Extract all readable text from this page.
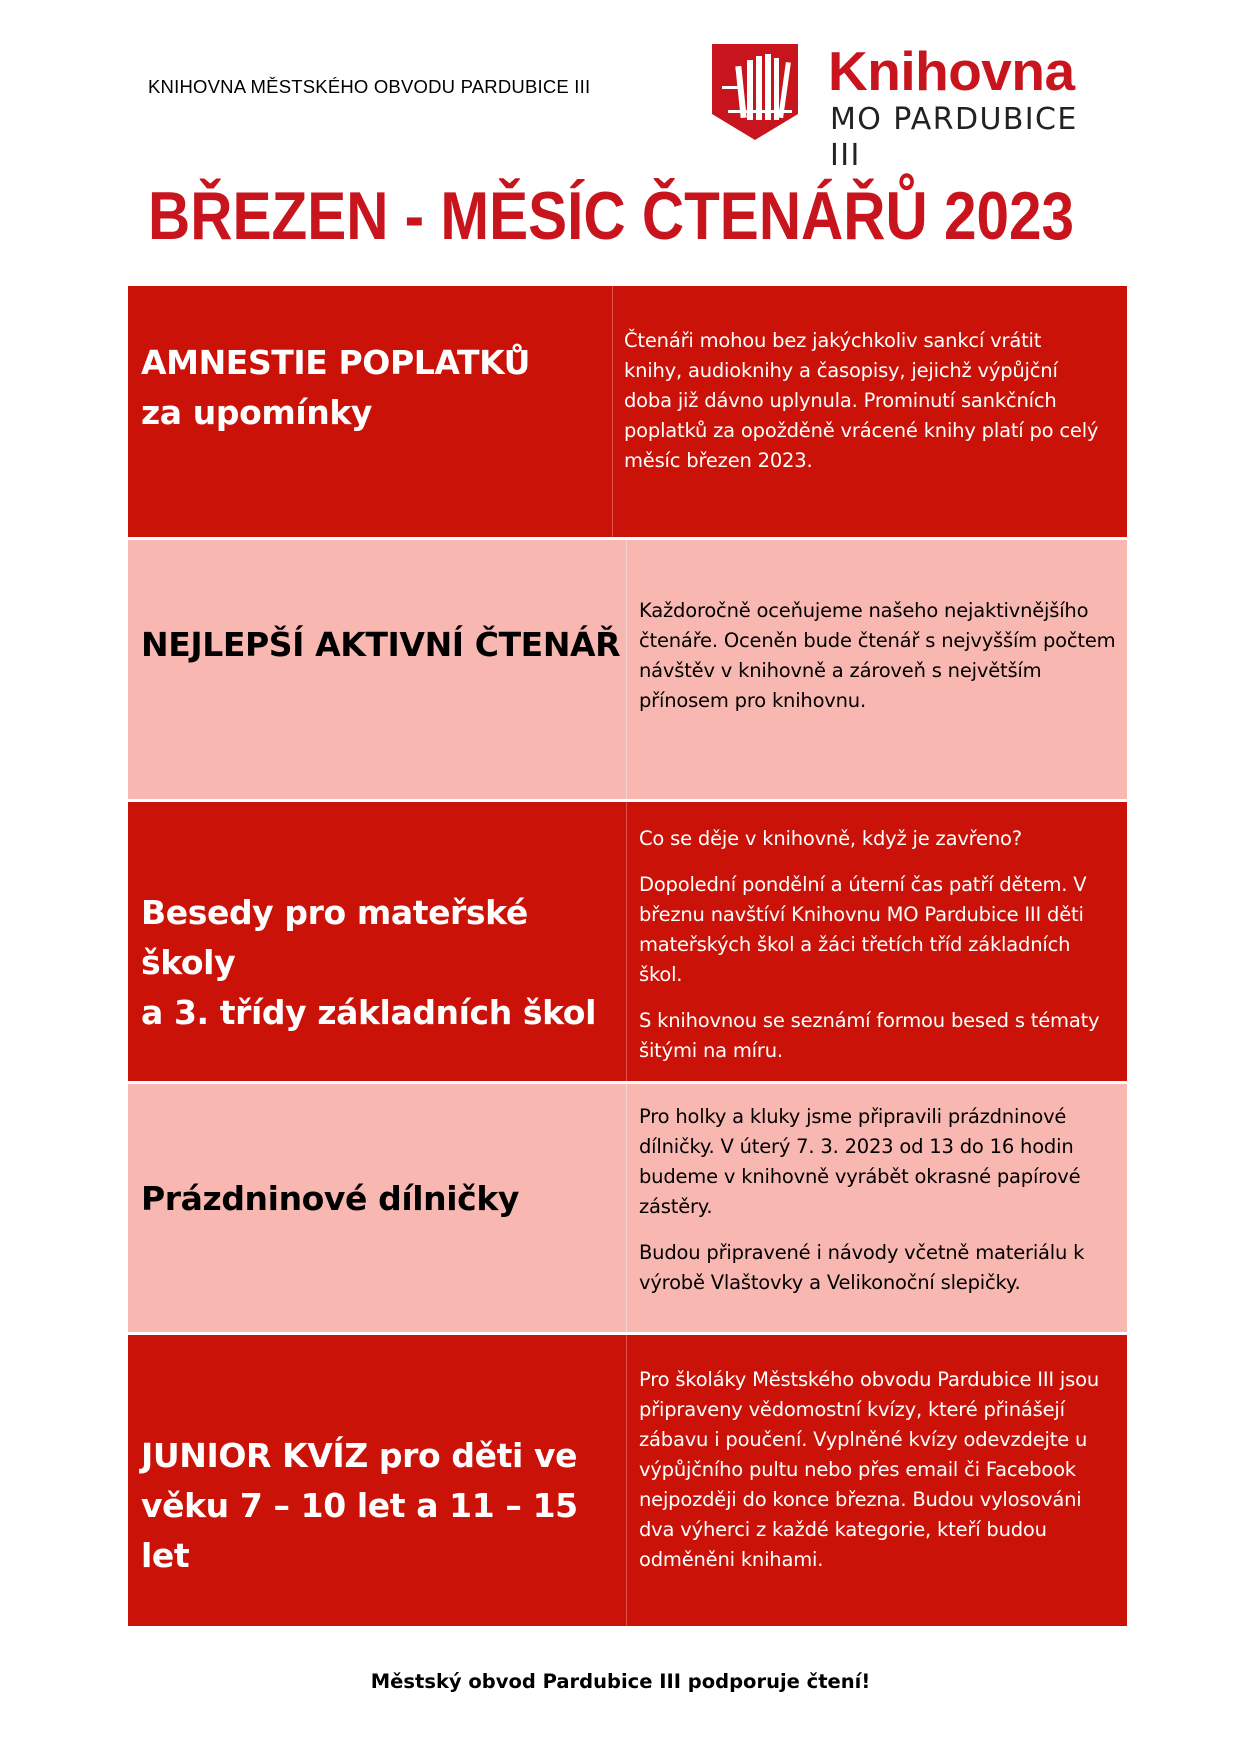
KNIHOVNA MĚSTSKÉHO OBVODU PARDUBICE III	Knihovna
MO PARDUBICE III
BŘEZEN - MĚSÍC ČTENÁŘŮ 2023
AMNESTIE POPLATKŮ
za upomínky

Čtenáři mohou bez jakýchkoliv sankcí vrátit knihy, audioknihy a časopisy, jejichž výpůjční doba již dávno uplynula. Prominutí sankčních poplatků za opožděně vrácené knihy platí po celý měsíc březen 2023.

NEJLEPŠÍ AKTIVNÍ ČTENÁŘ

Každoročně oceňujeme našeho nejaktivnějšího čtenáře. Oceněn bude čtenář s nejvyšším počtem návštěv v knihovně a zároveň s největším přínosem pro knihovnu.

Besedy pro mateřské školy
a 3. třídy základních škol

Co se děje v knihovně, když je zavřeno?

Dopolední pondělní a úterní čas patří dětem. V březnu navštíví Knihovnu MO Pardubice III děti mateřských škol a žáci třetích tříd základních škol.

S knihovnou se seznámí formou besed s tématy šitými na míru.

Prázdninové dílničky

Pro holky a kluky jsme připravili prázdninové dílničky. V úterý 7. 3. 2023 od 13 do 16 hodin budeme v knihovně vyrábět okrasné papírové zástěry.

Budou připravené i návody včetně materiálu k výrobě Vlaštovky a Velikonoční slepičky.

JUNIOR KVÍZ pro děti ve
věku 7 – 10 let a 11 – 15 let

Pro školáky Městského obvodu Pardubice III jsou připraveny vědomostní kvízy, které přinášejí zábavu i poučení. Vyplněné kvízy odevzdejte u výpůjčního pultu nebo přes email či Facebook nejpozději do konce března. Budou vylosováni dva výherci z každé kategorie, kteří budou odměněni knihami.

Městský obvod Pardubice III podporuje čtení!
